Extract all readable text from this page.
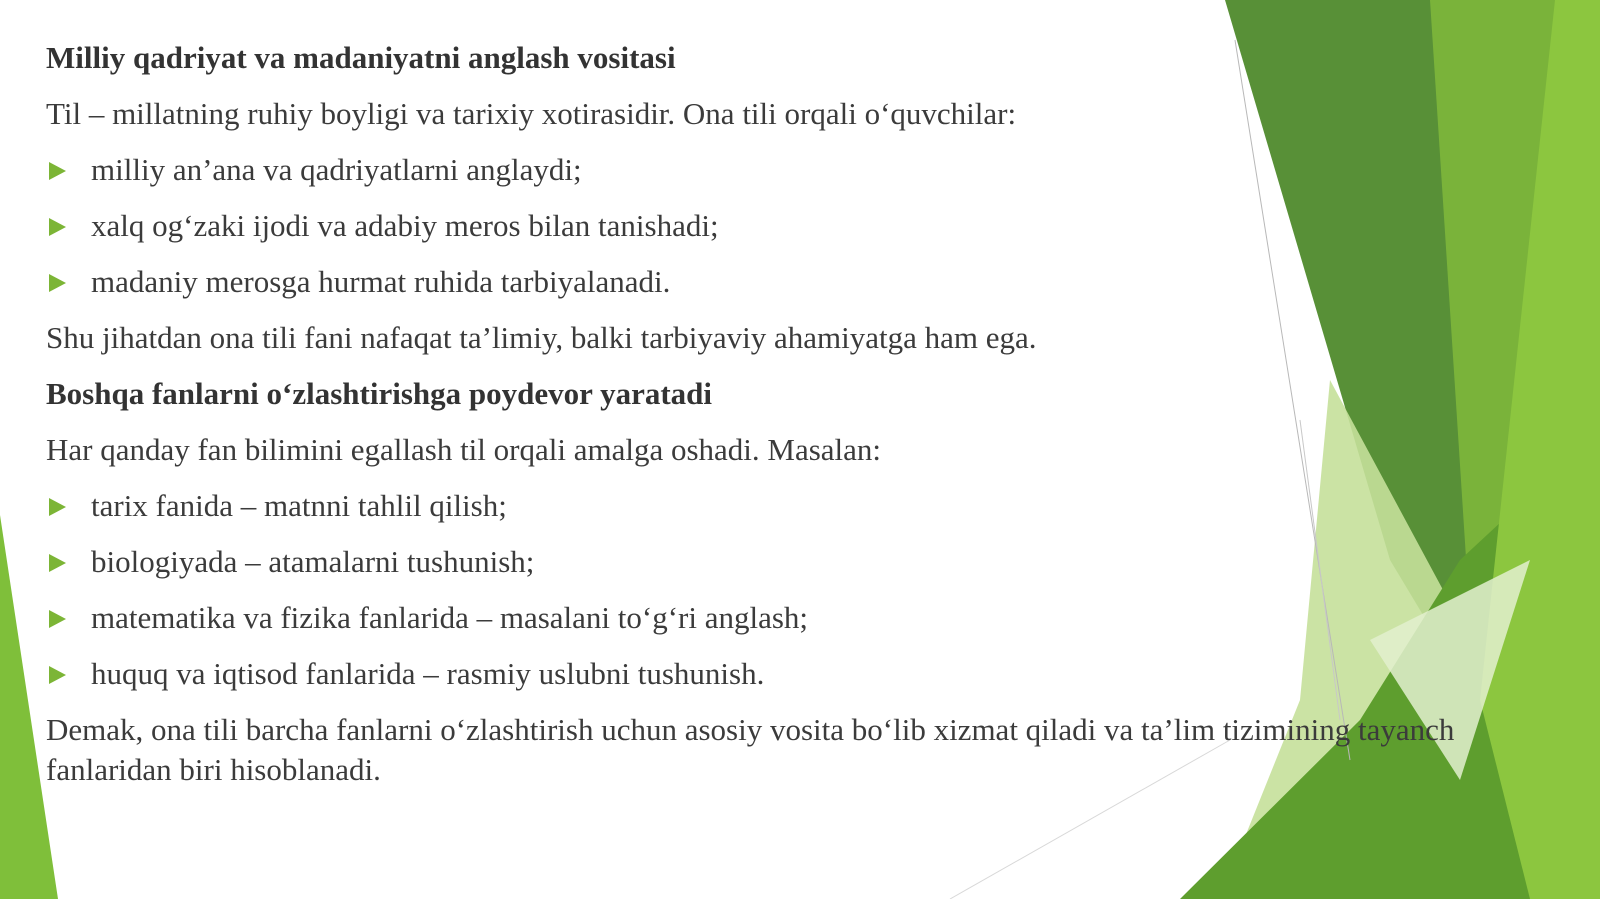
Milliy qadriyat va madaniyatni anglash vositasi
Til – millatning ruhiy boyligi va tarixiy xotirasidir. Ona tili orqali o‘quvchilar:
milliy an’ana va qadriyatlarni anglaydi;
xalq og‘zaki ijodi va adabiy meros bilan tanishadi;
madaniy merosga hurmat ruhida tarbiyalanadi.
Shu jihatdan ona tili fani nafaqat ta’limiy, balki tarbiyaviy ahamiyatga ham ega.
Boshqa fanlarni o‘zlashtirishga poydevor yaratadi
Har qanday fan bilimini egallash til orqali amalga oshadi. Masalan:
tarix fanida – matnni tahlil qilish;
biologiyada – atamalarni tushunish;
matematika va fizika fanlarida – masalani to‘g‘ri anglash;
huquq va iqtisod fanlarida – rasmiy uslubni tushunish.
Demak, ona tili barcha fanlarni o‘zlashtirish uchun asosiy vosita bo‘lib xizmat qiladi va ta’lim tizimining tayanch fanlaridan biri hisoblanadi.
